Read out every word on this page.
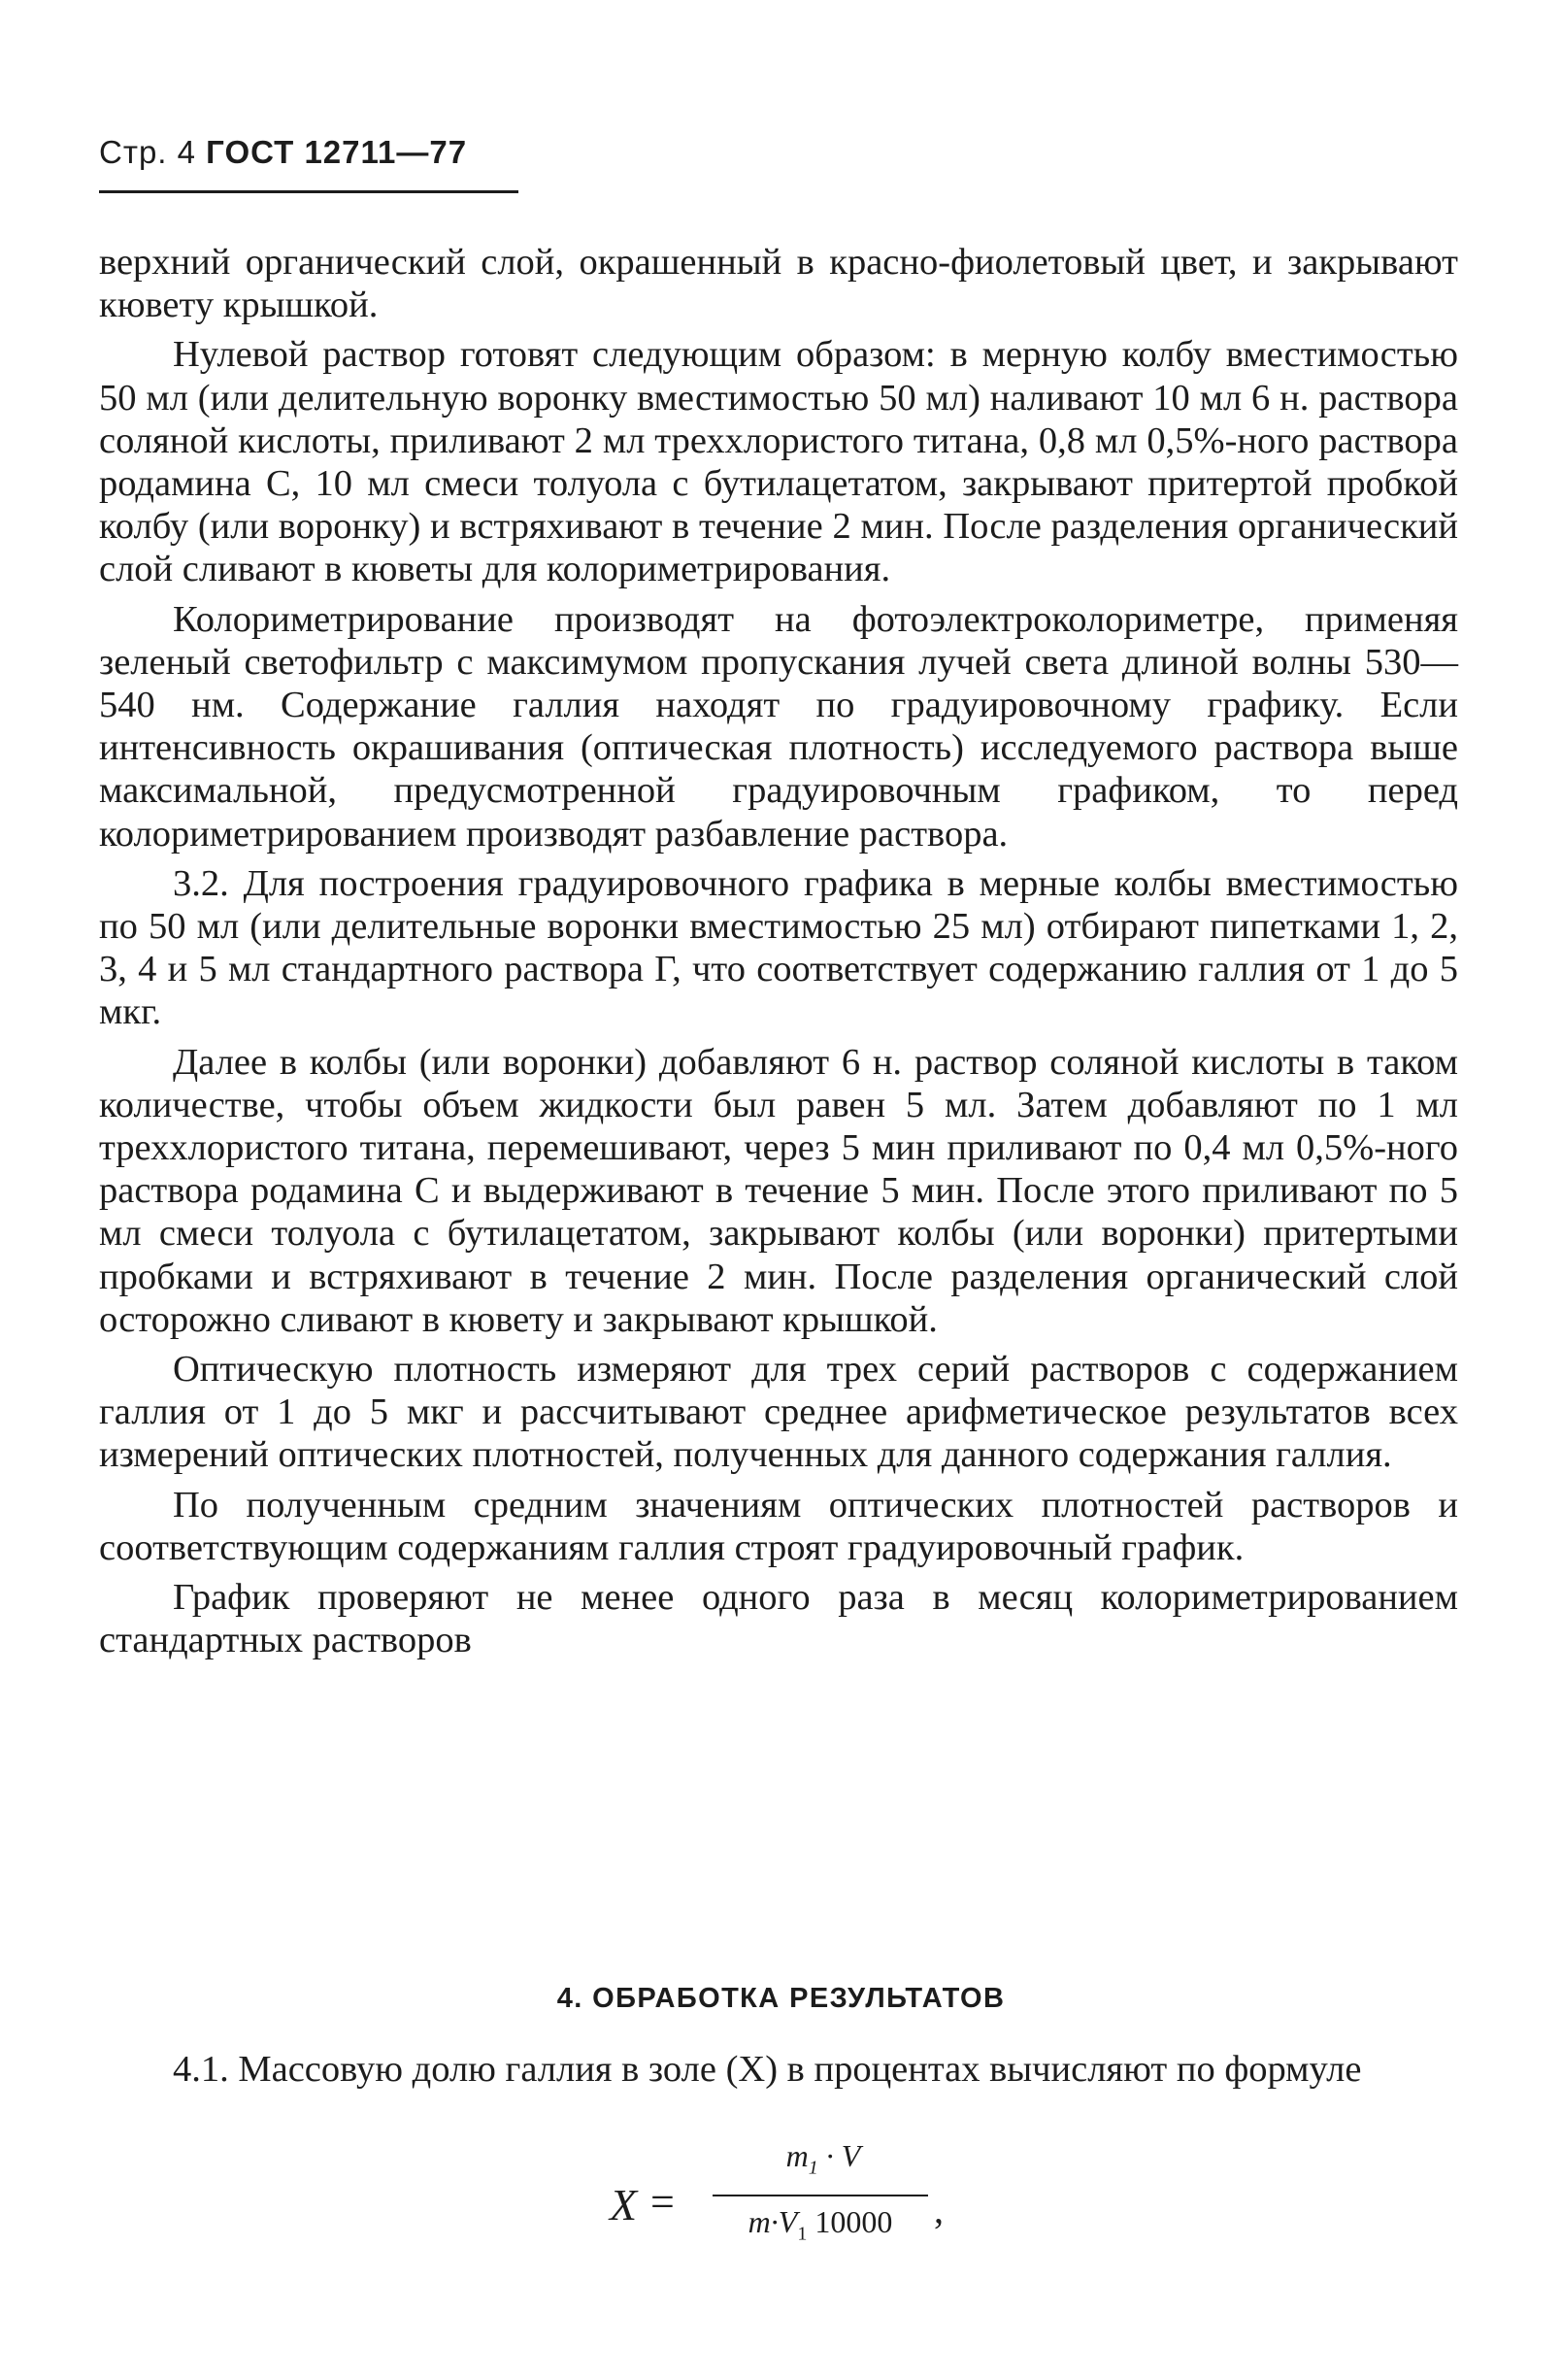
Стр. 4 ГОСТ 12711—77

верхний органический слой, окрашенный в красно-фиолетовый цвет, и закрывают кювету крышкой.

Нулевой раствор готовят следующим образом: в мерную колбу вместимостью 50 мл (или делительную воронку вместимостью 50 мл) наливают 10 мл 6 н. раствора соляной кислоты, приливают 2 мл треххлористого титана, 0,8 мл 0,5%-ного раствора родамина С, 10 мл смеси толуола с бутилацетатом, закрывают притертой пробкой колбу (или воронку) и встряхивают в течение 2 мин. После разделения органический слой сливают в кюветы для колориметрирования.

Колориметрирование производят на фотоэлектроколориметре, применяя зеленый светофильтр с максимумом пропускания лучей света длиной волны 530—540 нм. Содержание галлия находят по градуировочному графику. Если интенсивность окрашивания (оптическая плотность) исследуемого раствора выше максимальной, предусмотренной градуировочным графиком, то перед колориметрированием производят разбавление раствора.

3.2. Для построения градуировочного графика в мерные колбы вместимостью по 50 мл (или делительные воронки вместимостью 25 мл) отбирают пипетками 1, 2, 3, 4 и 5 мл стандартного раствора Г, что соответствует содержанию галлия от 1 до 5 мкг.

Далее в колбы (или воронки) добавляют 6 н. раствор соляной кислоты в таком количестве, чтобы объем жидкости был равен 5 мл. Затем добавляют по 1 мл треххлористого титана, перемешивают, через 5 мин приливают по 0,4 мл 0,5%-ного раствора родамина С и выдерживают в течение 5 мин. После этого приливают по 5 мл смеси толуола с бутилацетатом, закрывают колбы (или воронки) притертыми пробками и встряхивают в течение 2 мин. После разделения органический слой осторожно сливают в кювету и закрывают крышкой.

Оптическую плотность измеряют для трех серий растворов с содержанием галлия от 1 до 5 мкг и рассчитывают среднее арифметическое результатов всех измерений оптических плотностей, полученных для данного содержания галлия.

По полученным средним значениям оптических плотностей растворов и соответствующим содержаниям галлия строят градуировочный график.

График проверяют не менее одного раза в месяц колориметрированием стандартных растворов

4. ОБРАБОТКА РЕЗУЛЬТАТОВ

4.1. Массовую долю галлия в золе (X) в процентах вычисляют по формуле

X =
$m_1 \cdot V$
$m\cdot V_1$ 10000	,
